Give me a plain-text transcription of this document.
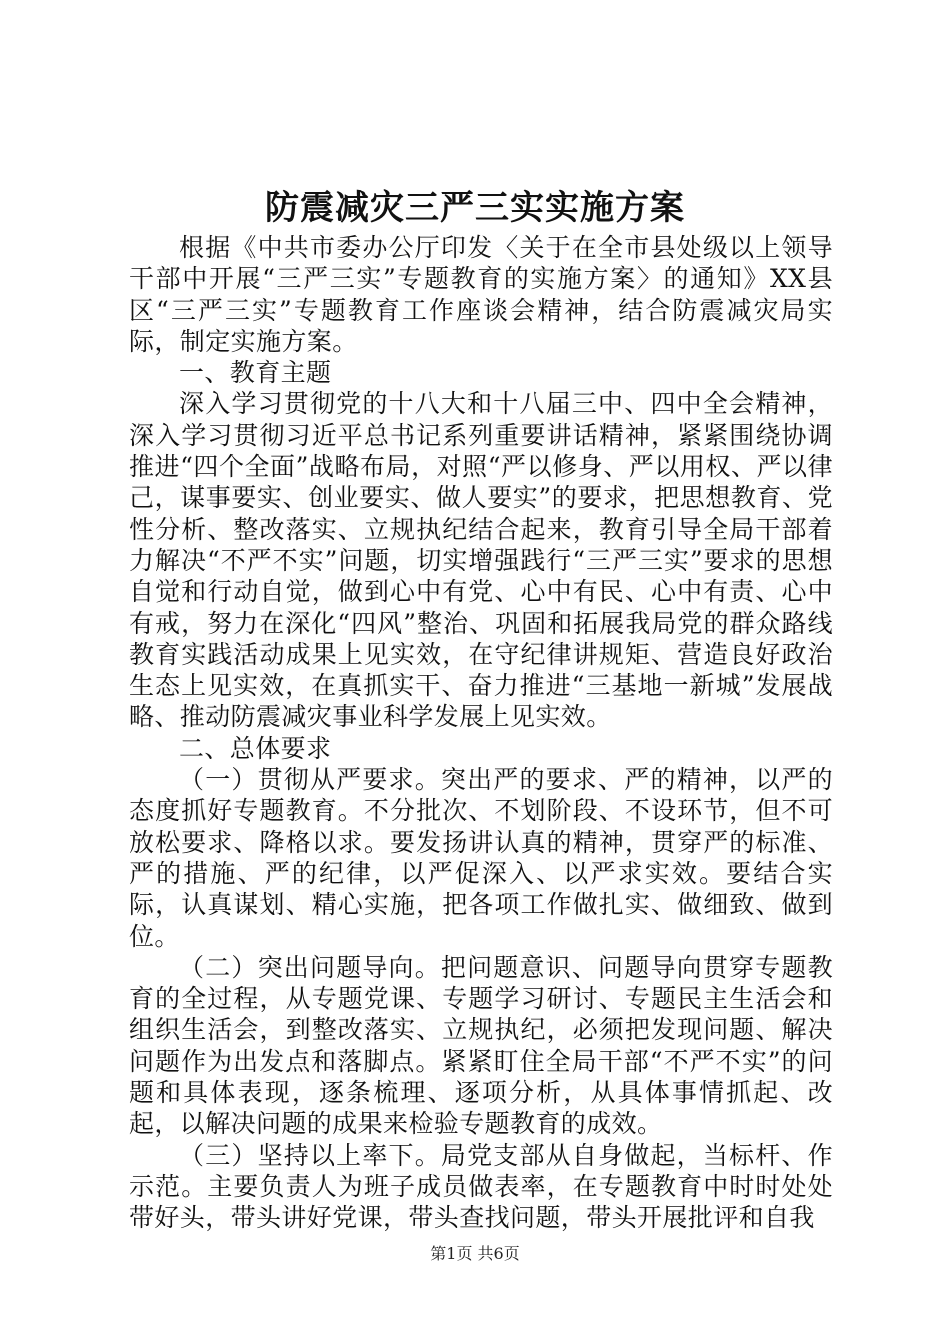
防震减灾三严三实实施方案

根据《中共市委办公厅印发〈关于在全市县处级以上领导干部中开展“三严三实”专题教育的实施方案〉的通知》XX县区“三严三实”专题教育工作座谈会精神，结合防震减灾局实际，制定实施方案。

一、教育主题

深入学习贯彻党的十八大和十八届三中、四中全会精神，深入学习贯彻习近平总书记系列重要讲话精神，紧紧围绕协调推进“四个全面”战略布局，对照“严以修身、严以用权、严以律己，谋事要实、创业要实、做人要实”的要求，把思想教育、党性分析、整改落实、立规执纪结合起来，教育引导全局干部着力解决“不严不实”问题，切实增强践行“三严三实”要求的思想自觉和行动自觉，做到心中有党、心中有民、心中有责、心中有戒，努力在深化“四风”整治、巩固和拓展我局党的群众路线教育实践活动成果上见实效，在守纪律讲规矩、营造良好政治生态上见实效，在真抓实干、奋力推进“三基地一新城”发展战略、推动防震减灾事业科学发展上见实效。

二、总体要求

（一）贯彻从严要求。突出严的要求、严的精神，以严的态度抓好专题教育。不分批次、不划阶段、不设环节，但不可放松要求、降格以求。要发扬讲认真的精神，贯穿严的标准、严的措施、严的纪律，以严促深入、以严求实效。要结合实际，认真谋划、精心实施，把各项工作做扎实、做细致、做到位。

（二）突出问题导向。把问题意识、问题导向贯穿专题教育的全过程，从专题党课、专题学习研讨、专题民主生活会和组织生活会，到整改落实、立规执纪，必须把发现问题、解决问题作为出发点和落脚点。紧紧盯住全局干部“不严不实”的问题和具体表现，逐条梳理、逐项分析，从具体事情抓起、改起，以解决问题的成果来检验专题教育的成效。

（三）坚持以上率下。局党支部从自身做起，当标杆、作示范。主要负责人为班子成员做表率，在专题教育中时时处处带好头，带头讲好党课，带头查找问题，带头开展批评和自我

第1页 共6页
